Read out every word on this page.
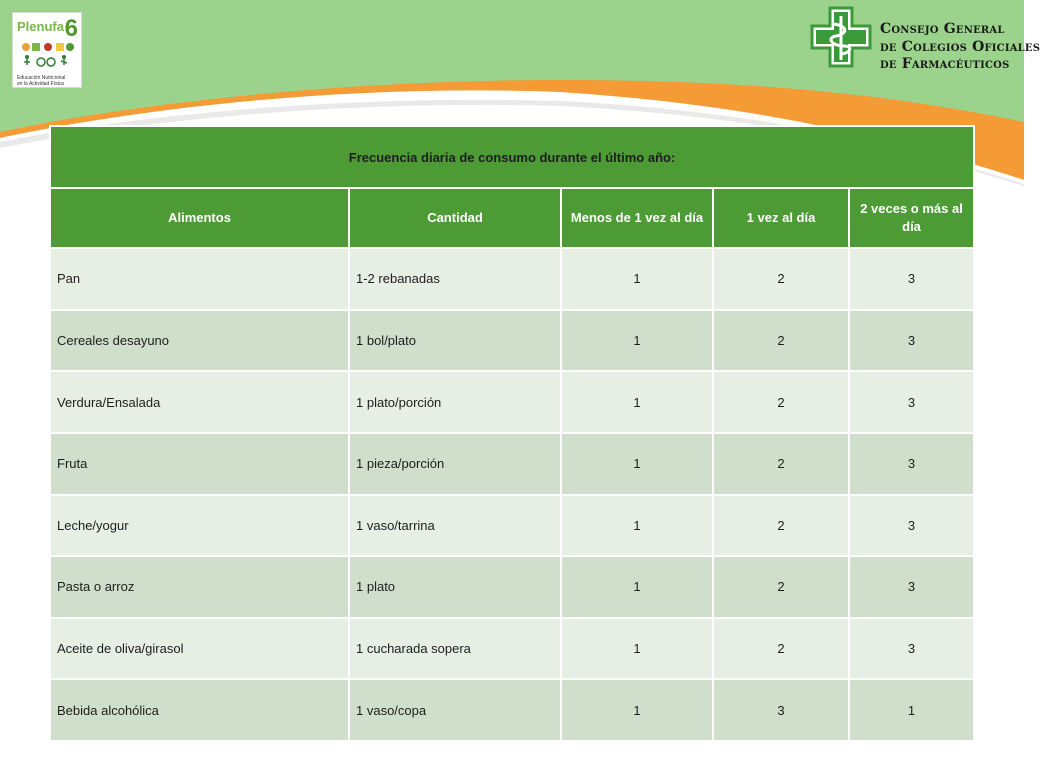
Plenufa 6
Educación Nutricional
en la Actividad Física
Consejo General
de Colegios Oficiales
de Farmacéuticos
Frecuencia diaria de consumo durante el último año:				
Alimentos	Cantidad	Menos de 1 vez al día	1 vez al día	2 veces o más al día
Pan	1-2 rebanadas	1	2	3
Cereales desayuno	1 bol/plato	1	2	3
Verdura/Ensalada	1 plato/porción	1	2	3
Fruta	1 pieza/porción	1	2	3
Leche/yogur	1 vaso/tarrina	1	2	3
Pasta o arroz	1 plato	1	2	3
Aceite de oliva/girasol	1 cucharada sopera	1	2	3
Bebida alcohólica	1 vaso/copa	1	3	1
